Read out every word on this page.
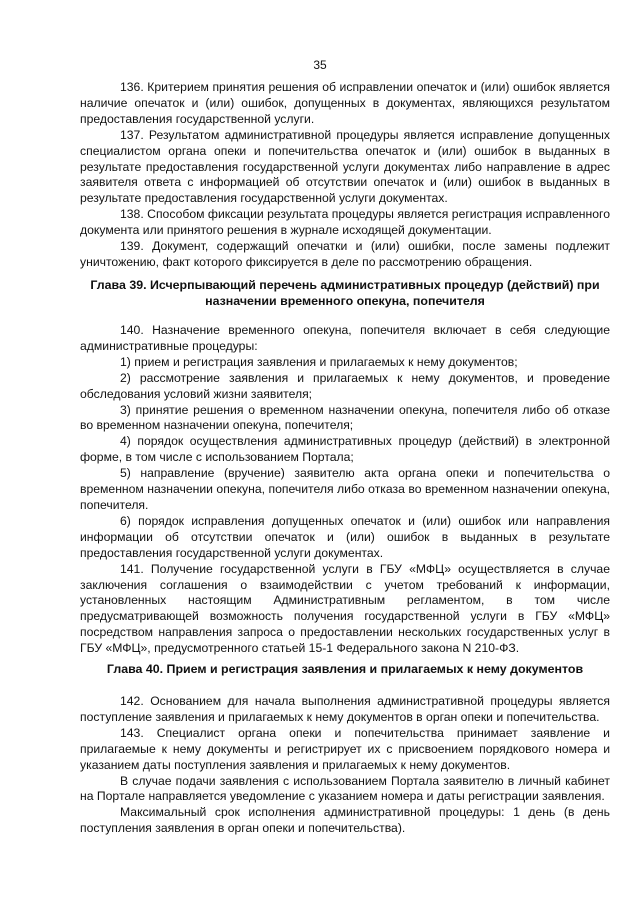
35

136. Критерием принятия решения об исправлении опечаток и (или) ошибок является наличие опечаток и (или) ошибок, допущенных в документах, являющихся результатом предоставления государственной услуги.

137. Результатом административной процедуры является исправление допущенных специалистом органа опеки и попечительства опечаток и (или) ошибок в выданных в результате предоставления государственной услуги документах либо направление в адрес заявителя ответа с информацией об отсутствии опечаток и (или) ошибок в выданных в результате предоставления государственной услуги документах.

138. Способом фиксации результата процедуры является регистрация исправленного документа или принятого решения в журнале исходящей документации.

139. Документ, содержащий опечатки и (или) ошибки, после замены подлежит уничтожению, факт которого фиксируется в деле по рассмотрению обращения.

Глава 39. Исчерпывающий перечень административных процедур (действий) при назначении временного опекуна, попечителя

140. Назначение временного опекуна, попечителя включает в себя следующие административные процедуры:

1) прием и регистрация заявления и прилагаемых к нему документов;

2) рассмотрение заявления и прилагаемых к нему документов, и проведение обследования условий жизни заявителя;

3) принятие решения о временном назначении опекуна, попечителя либо об отказе во временном назначении опекуна, попечителя;

4) порядок осуществления административных процедур (действий) в электронной форме, в том числе с использованием Портала;

5) направление (вручение) заявителю акта органа опеки и попечительства о временном назначении опекуна, попечителя либо отказа во временном назначении опекуна, попечителя.

6) порядок исправления допущенных опечаток и (или) ошибок или направления информации об отсутствии опечаток и (или) ошибок в выданных в результате предоставления государственной услуги документах.

141. Получение государственной услуги в ГБУ «МФЦ» осуществляется в случае заключения соглашения о взаимодействии с учетом требований к информации, установленных настоящим Административным регламентом, в том числе предусматривающей возможность получения государственной услуги в ГБУ «МФЦ» посредством направления запроса о предоставлении нескольких государственных услуг в ГБУ «МФЦ», предусмотренного статьей 15-1 Федерального закона N 210-ФЗ.

Глава 40. Прием и регистрация заявления и прилагаемых к нему документов

142. Основанием для начала выполнения административной процедуры является поступление заявления и прилагаемых к нему документов в орган опеки и попечительства.

143. Специалист органа опеки и попечительства принимает заявление и прилагаемые к нему документы и регистрирует их с присвоением порядкового номера и указанием даты поступления заявления и прилагаемых к нему документов.

В случае подачи заявления с использованием Портала заявителю в личный кабинет на Портале направляется уведомление с указанием номера и даты регистрации заявления.

Максимальный срок исполнения административной процедуры: 1 день (в день поступления заявления в орган опеки и попечительства).
